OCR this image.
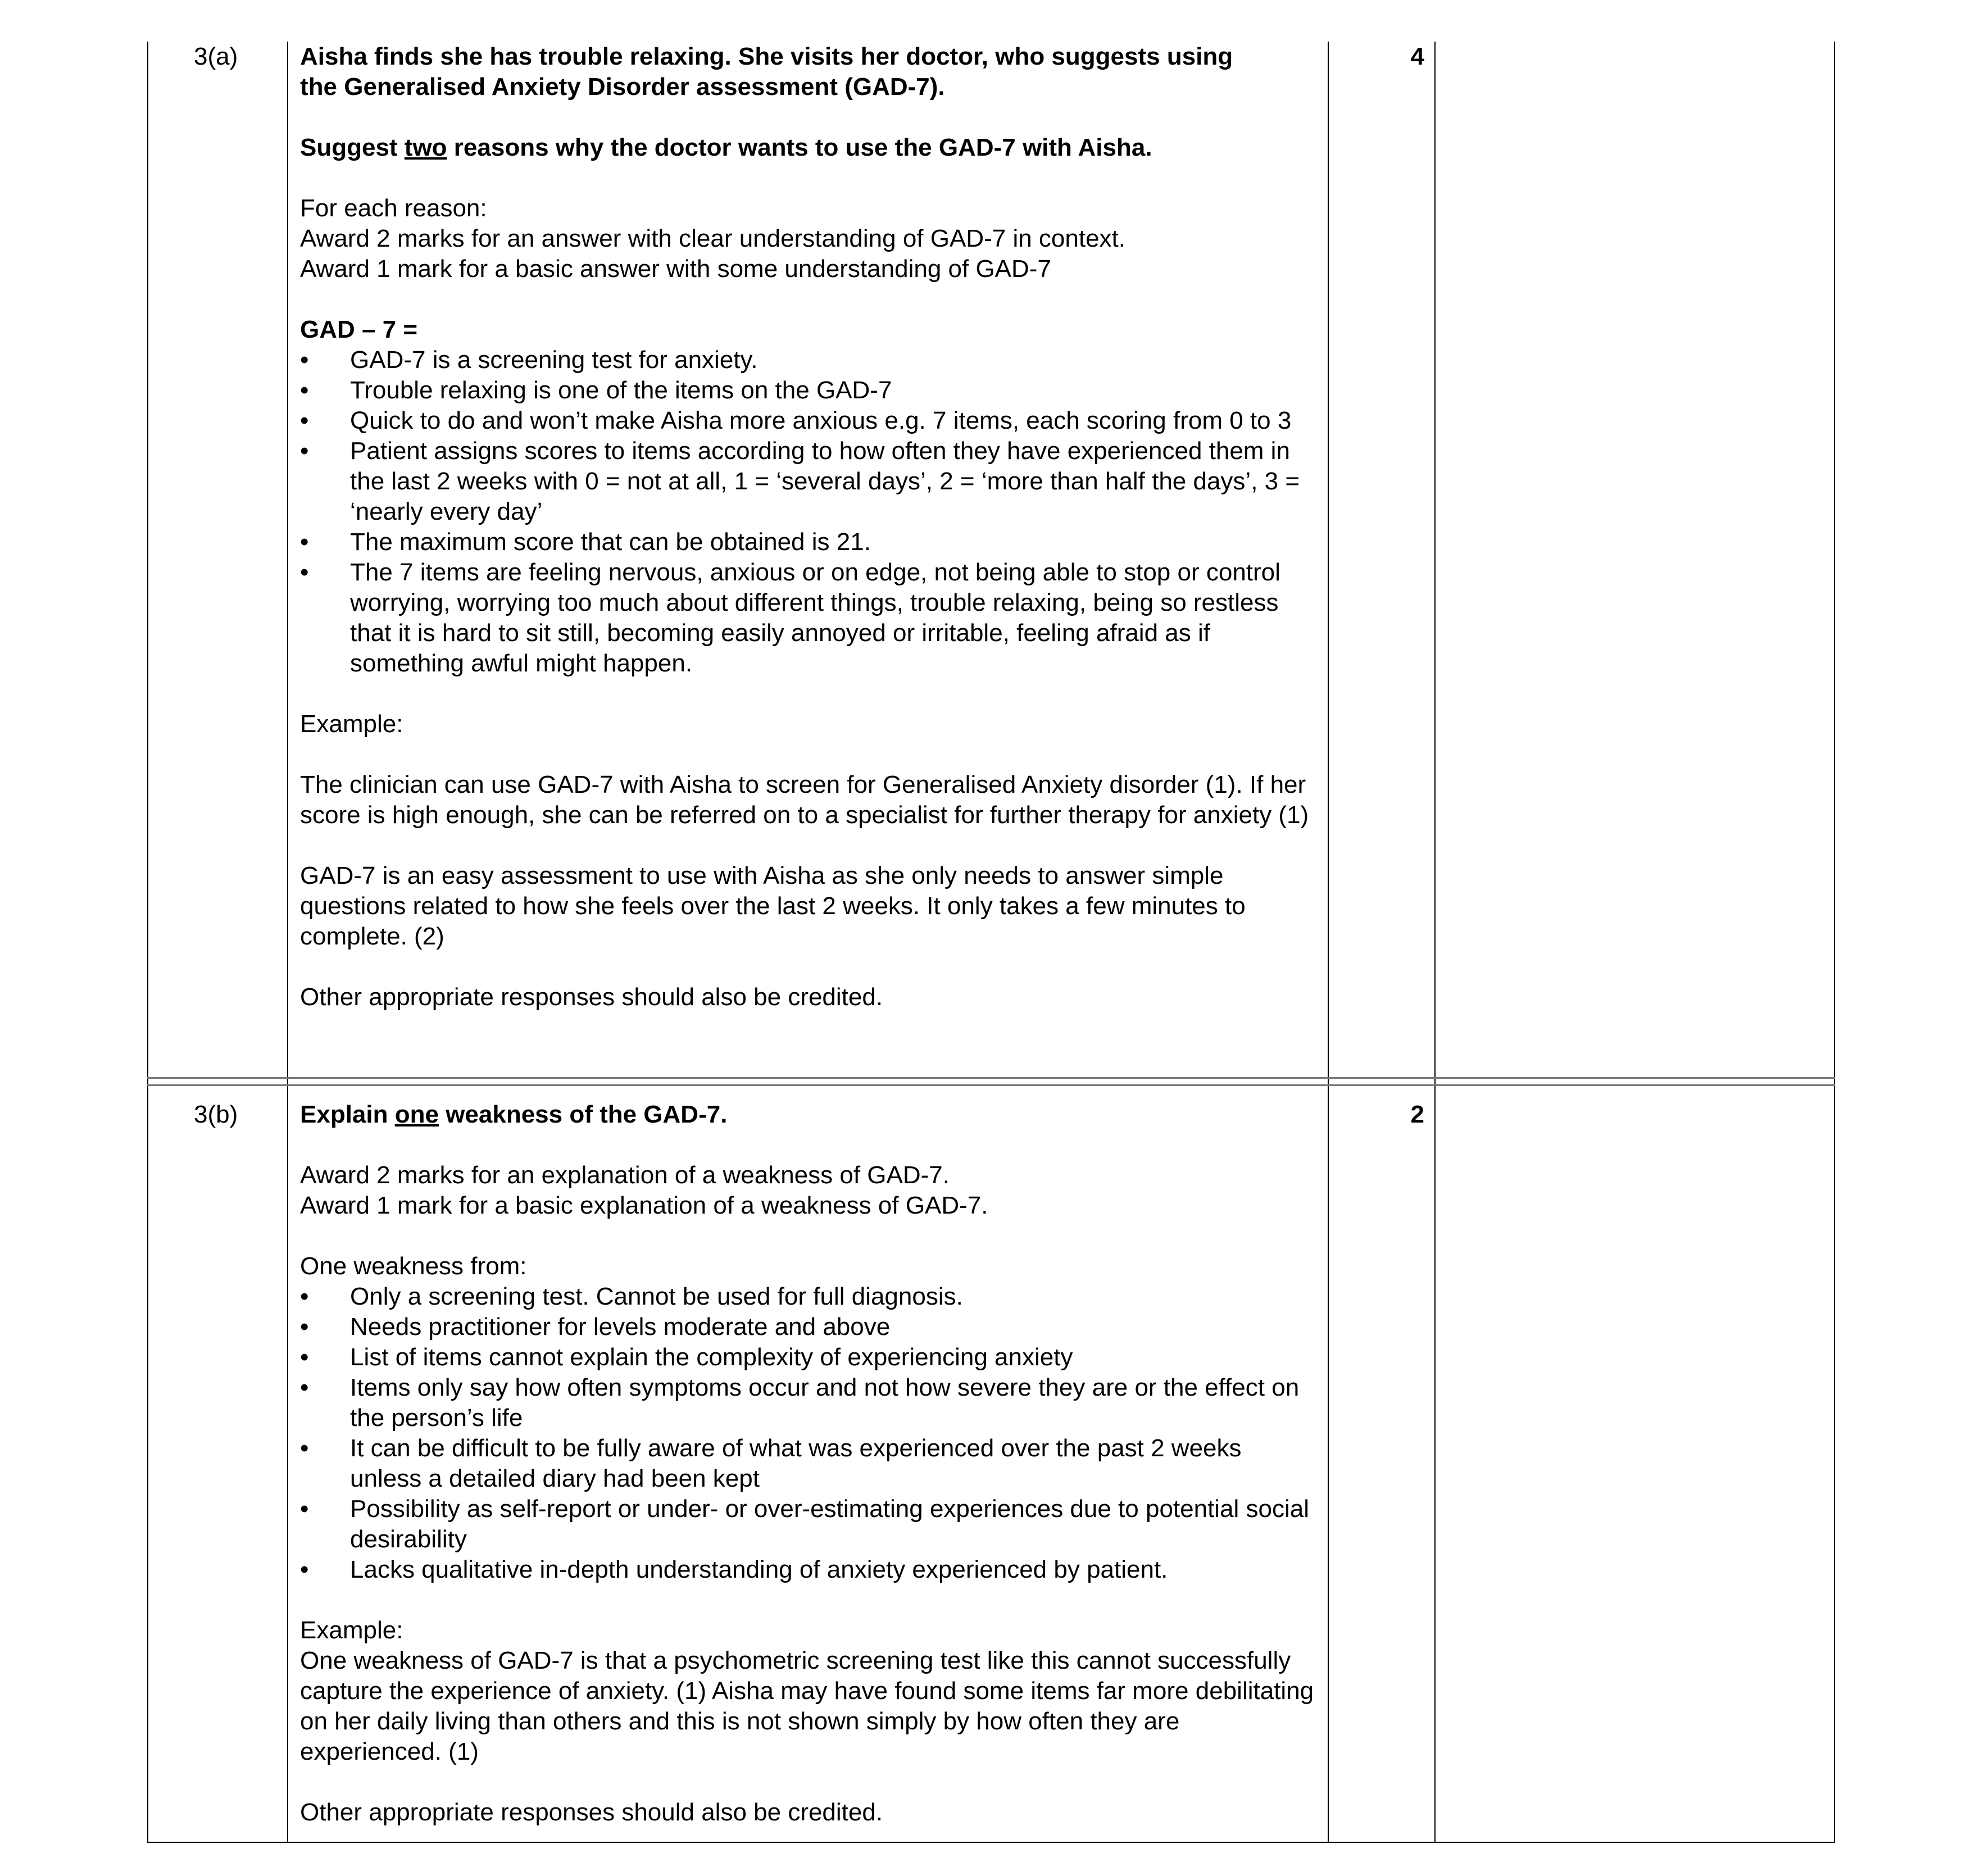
3(a)	4

Aisha finds she has trouble relaxing. She visits her doctor, who suggests using

the Generalised Anxiety Disorder assessment (GAD-7).

Suggest two reasons why the doctor wants to use the GAD-7 with Aisha.

For each reason:

Award 2 marks for an answer with clear understanding of GAD-7 in context.

Award 1 mark for a basic answer with some understanding of GAD-7

GAD – 7 =

• GAD-7 is a screening test for anxiety.
• Trouble relaxing is one of the items on the GAD-7
• Quick to do and won’t make Aisha more anxious e.g. 7 items, each scoring from 0 to 3
• Patient assigns scores to items according to how often they have experienced them in the last 2 weeks with 0 = not at all, 1 = ‘several days’, 2 = ‘more than half the days’, 3 = ‘nearly every day’
• The maximum score that can be obtained is 21.
• The 7 items are feeling nervous, anxious or on edge, not being able to stop or control worrying, worrying too much about different things, trouble relaxing, being so restless that it is hard to sit still, becoming easily annoyed or irritable, feeling afraid as if something awful might happen.

Example:

The clinician can use GAD-7 with Aisha to screen for Generalised Anxiety disorder (1). If her score is high enough, she can be referred on to a specialist for further therapy for anxiety (1)

GAD-7 is an easy assessment to use with Aisha as she only needs to answer simple questions related to how she feels over the last 2 weeks. It only takes a few minutes to complete. (2)

Other appropriate responses should also be credited.

3(b)	2

Explain one weakness of the GAD-7.

Award 2 marks for an explanation of a weakness of GAD-7.

Award 1 mark for a basic explanation of a weakness of GAD-7.

One weakness from:

• Only a screening test. Cannot be used for full diagnosis.
• Needs practitioner for levels moderate and above
• List of items cannot explain the complexity of experiencing anxiety
• Items only say how often symptoms occur and not how severe they are or the effect on the person’s life
• It can be difficult to be fully aware of what was experienced over the past 2 weeks unless a detailed diary had been kept
• Possibility as self-report or under- or over-estimating experiences due to potential social desirability
• Lacks qualitative in-depth understanding of anxiety experienced by patient.

Example:

One weakness of GAD-7 is that a psychometric screening test like this cannot successfully capture the experience of anxiety. (1) Aisha may have found some items far more debilitating on her daily living than others and this is not shown simply by how often they are experienced. (1)

Other appropriate responses should also be credited.
